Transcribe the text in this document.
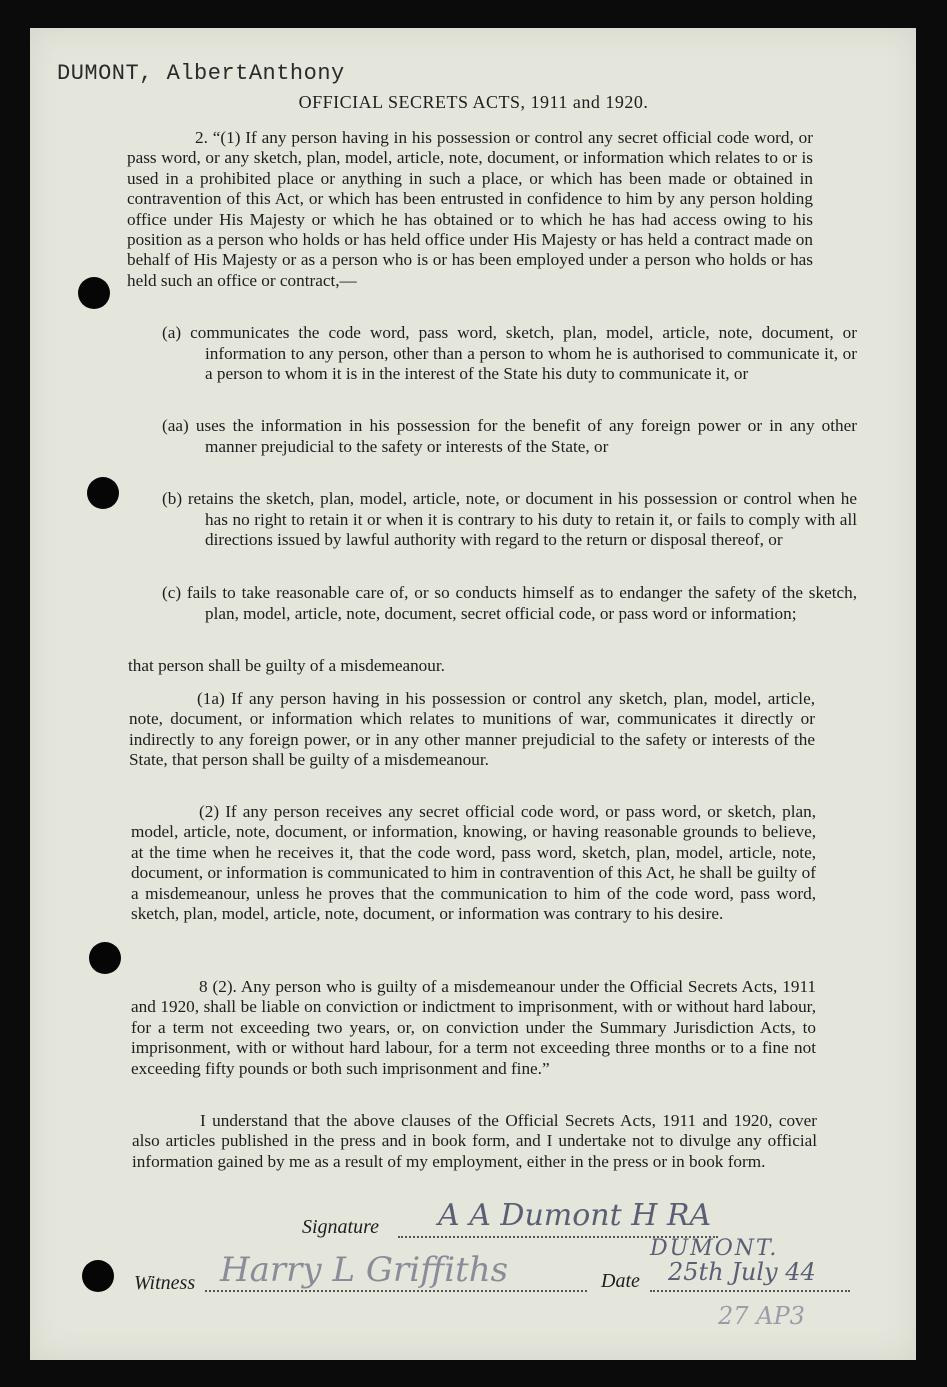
DUMONT, AlbertAnthony
OFFICIAL SECRETS ACTS, 1911 and 1920.

2. “(1) If any person having in his possession or control any secret official code word, or pass word, or any sketch, plan, model, article, note, document, or information which relates to or is used in a prohibited place or anything in such a place, or which has been made or obtained in contravention of this Act, or which has been entrusted in confidence to him by any person holding office under His Majesty or which he has obtained or to which he has had access owing to his position as a person who holds or has held office under His Majesty or has held a contract made on behalf of His Majesty or as a person who is or has been employed under a person who holds or has held such an office or contract,—

(a) communicates the code word, pass word, sketch, plan, model, article, note, document, or information to any person, other than a person to whom he is authorised to communicate it, or a person to whom it is in the interest of the State his duty to communicate it, or
(aa) uses the information in his possession for the benefit of any foreign power or in any other manner prejudicial to the safety or interests of the State, or
(b) retains the sketch, plan, model, article, note, or document in his possession or control when he has no right to retain it or when it is contrary to his duty to retain it, or fails to comply with all directions issued by lawful authority with regard to the return or disposal thereof, or
(c) fails to take reasonable care of, or so conducts himself as to endanger the safety of the sketch, plan, model, article, note, document, secret official code, or pass word or information;

that person shall be guilty of a misdemeanour.

(1a) If any person having in his possession or control any sketch, plan, model, article, note, document, or information which relates to munitions of war, communicates it directly or indirectly to any foreign power, or in any other manner prejudicial to the safety or interests of the State, that person shall be guilty of a misdemeanour.

(2) If any person receives any secret official code word, or pass word, or sketch, plan, model, article, note, document, or information, knowing, or having reasonable grounds to believe, at the time when he receives it, that the code word, pass word, sketch, plan, model, article, note, document, or information is communicated to him in contravention of this Act, he shall be guilty of a misdemeanour, unless he proves that the communication to him of the code word, pass word, sketch, plan, model, article, note, document, or information was contrary to his desire.

8 (2). Any person who is guilty of a misdemeanour under the Official Secrets Acts, 1911 and 1920, shall be liable on conviction or indictment to imprisonment, with or without hard labour, for a term not exceeding two years, or, on conviction under the Summary Jurisdiction Acts, to imprisonment, with or without hard labour, for a term not exceeding three months or to a fine not exceeding fifty pounds or both such imprisonment and fine.”

I understand that the above clauses of the Official Secrets Acts, 1911 and 1920, cover also articles published in the press and in book form, and I undertake not to divulge any official information gained by me as a result of my employment, either in the press or in book form.

Signature A A Dumont H RA
DUMONT.
Witness Harry L Griffiths	Date 25th July 44
27 AP3
